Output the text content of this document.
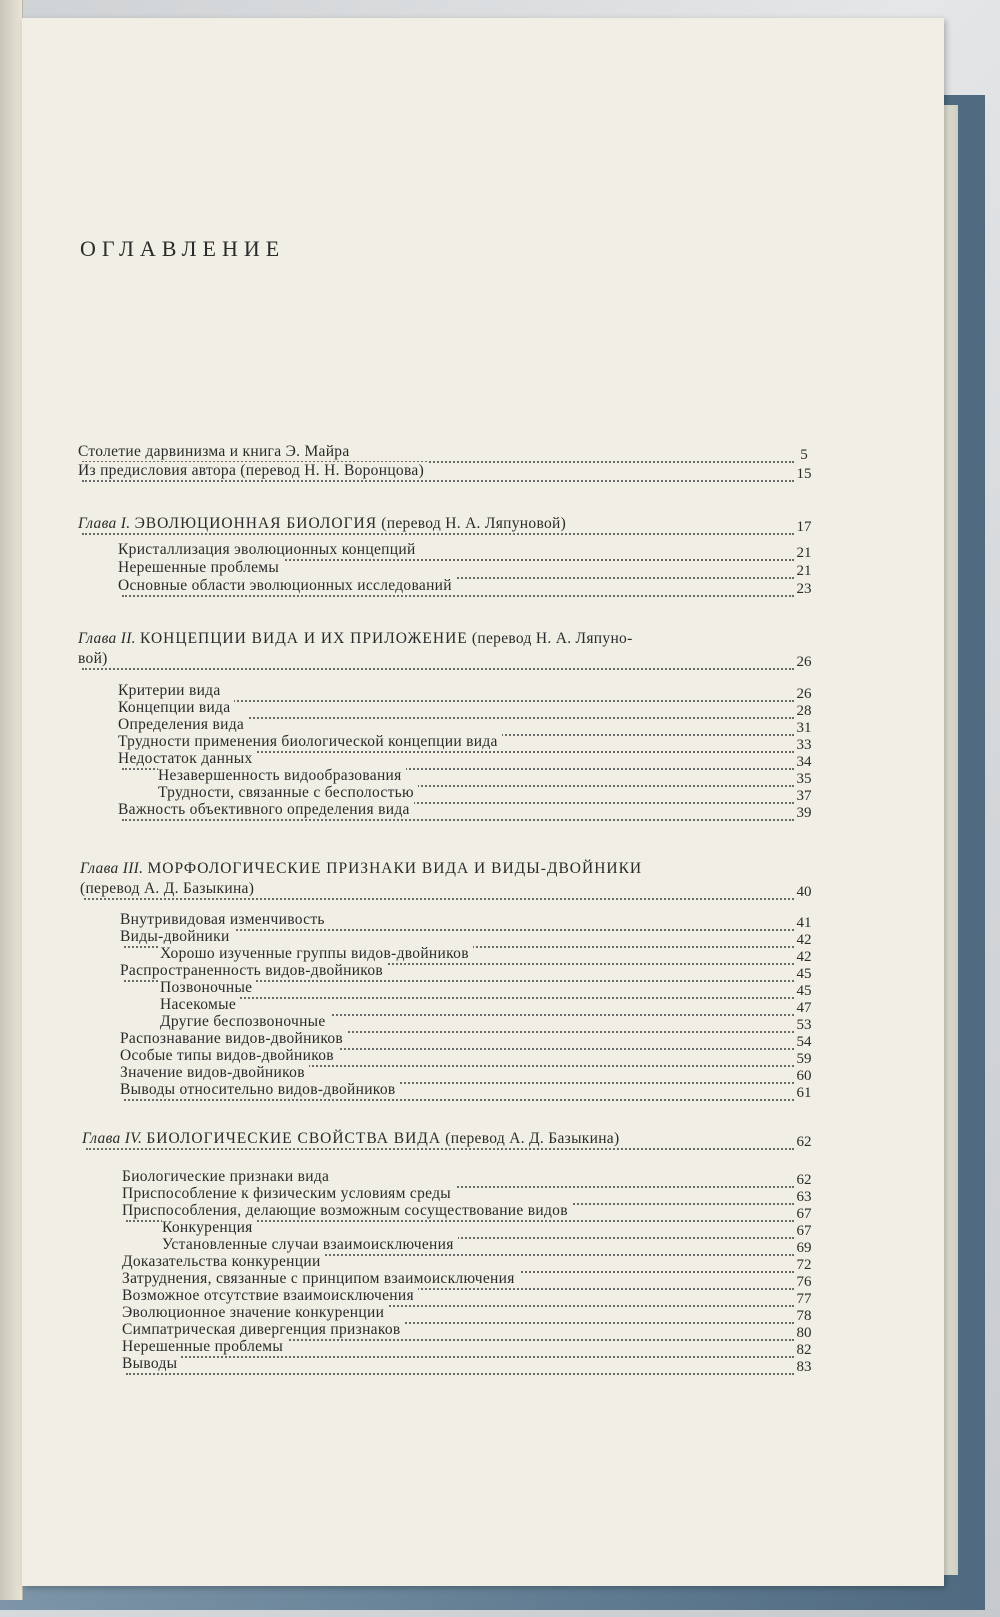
ОГЛАВЛЕНИЕ
Столетие дарвинизма и книга Э. Майра	5
Из предисловия автора (перевод Н. Н. Воронцова)	15
Глава I. ЭВОЛЮЦИОННАЯ БИОЛОГИЯ (перевод Н. А. Ляпуновой)	17
Кристаллизация эволюционных концепций	21
Нерешенные проблемы	21
Основные области эволюционных исследований	23
Глава II. КОНЦЕПЦИИ ВИДА И ИХ ПРИЛОЖЕНИЕ (перевод Н. А. Ляпуно-
вой)	26
Критерии вида	26
Концепции вида	28
Определения вида	31
Трудности применения биологической концепции вида	33
Недостаток данных	34
Незавершенность видообразования	35
Трудности, связанные с бесполостью	37
Важность объективного определения вида	39
Глава III. МОРФОЛОГИЧЕСКИЕ ПРИЗНАКИ ВИДА И ВИДЫ-ДВОЙНИКИ
(перевод А. Д. Базыкина)	40
Внутривидовая изменчивость	41
Виды-двойники	42
Хорошо изученные группы видов-двойников	42
Распространенность видов-двойников	45
Позвоночные	45
Насекомые	47
Другие беспозвоночные	53
Распознавание видов-двойников	54
Особые типы видов-двойников	59
Значение видов-двойников	60
Выводы относительно видов-двойников	61
Глава IV. БИОЛОГИЧЕСКИЕ СВОЙСТВА ВИДА (перевод А. Д. Базыкина)	62
Биологические признаки вида	62
Приспособление к физическим условиям среды	63
Приспособления, делающие возможным сосуществование видов	67
Конкуренция	67
Установленные случаи взаимоисключения	69
Доказательства конкуренции	72
Затруднения, связанные с принципом взаимоисключения	76
Возможное отсутствие взаимоисключения	77
Эволюционное значение конкуренции	78
Симпатрическая дивергенция признаков	80
Нерешенные проблемы	82
Выводы	83
